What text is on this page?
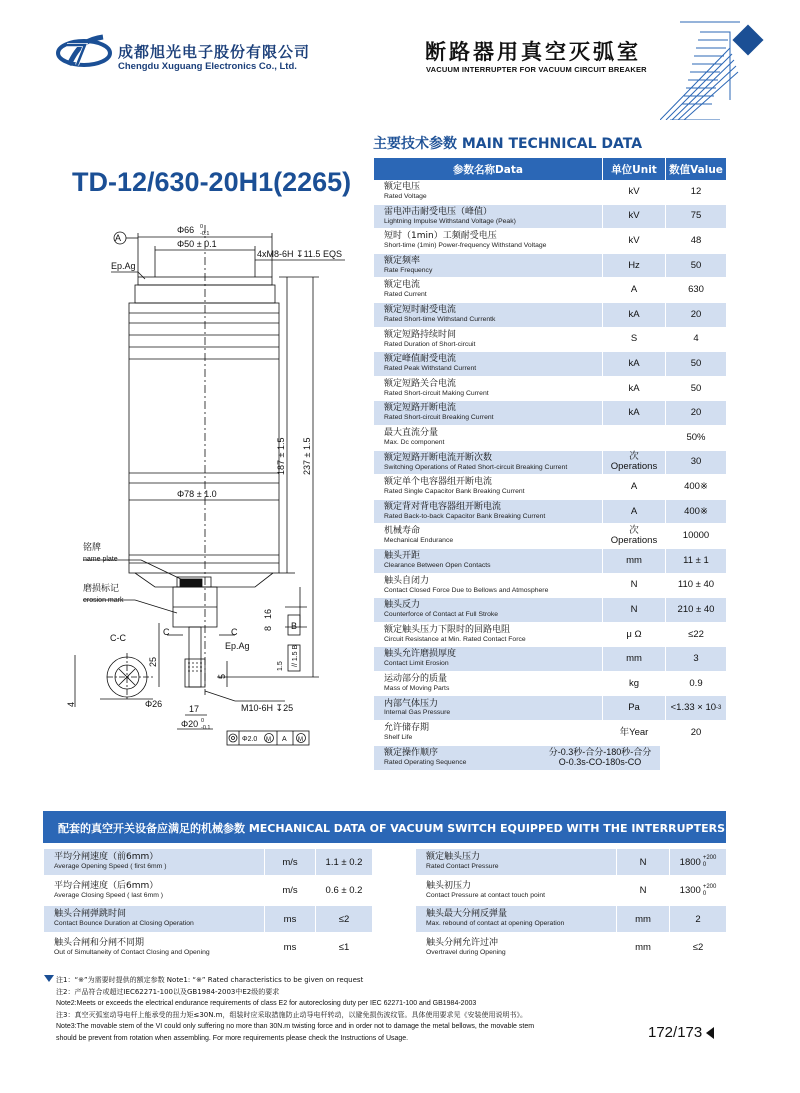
成都旭光电子股份有限公司
Chengdu Xuguang Electronics Co., Ltd.
断路器用真空灭弧室
VACUUM INTERRUPTER FOR VACUUM CIRCUIT BREAKER
TD-12/630-20H1(2265)
主要技术参数 MAIN TECHNICAL DATA
A
Φ66 0
-0.1
Φ50 ± 0.1
4xM8-6H ↧11.5 EQS
Ep.Ag
Φ78 ± 1.0
187 ± 1.5 237 ± 1.5
铭牌
name plate
磨损标记
erosion mark
C-C
C	C
Ep.Ag
25
4
5
16
8
1.5
B
// 1.5 B
Φ26	17
Φ20 0
-0.1
M10-6H ↧25
Φ2.0 M A M
参数名称Data	单位Unit	数值Value
额定电压
Rated Voltage	kV	12
雷电冲击耐受电压（峰值）
Lightning Impulse Withstand Voltage (Peak)	kV	75
短时（1min）工频耐受电压
Short-time (1min) Power-frequency Withstand Voltage	kV	48
额定频率
Rate Frequency	Hz	50
额定电流
Rated Current	A	630
额定短时耐受电流
Rated Short-time Withstand Currentk	kA	20
额定短路持续时间
Rated Duration of Short-circuit	S	4
额定峰值耐受电流
Rated Peak Withstand Current	kA	50
额定短路关合电流
Rated Short-circuit Making Current	kA	50
额定短路开断电流
Rated Short-circuit Breaking Current	kA	20
最大直流分量
Max. Dc component	50%
额定短路开断电流开断次数
Switching Operations of Rated Short-circuit Breaking Current
次
Operations	30
额定单个电容器组开断电流
Rated Single Capacitor Bank Breaking Current	A	400※
额定背对背电容器组开断电流
Rated Back-to-back Capacitor Bank Breaking Current	A	400※
机械寿命
Mechanical Endurance
次
Operations	10000
触头开距
Clearance Between Open Contacts	mm	11 ± 1
触头自闭力
Contact Closed Force Due to Bellows and Atmosphere	N	110 ± 40
触头反力
Counterforce of Contact at Full Stroke	N	210 ± 40
额定触头压力下限时的回路电阻
Circuit Resistance at Min. Rated Contact Force	μ Ω	≤22
触头允许磨损厚度
Contact Limit Erosion	mm	3
运动部分的质量
Mass of Moving Parts	kg	0.9
内部气体压力
Internal Gas Pressure	Pa	<1.33 × 10 -3
允许储存期
Shelf Life	年Year	20
额定操作顺序
Rated Operating Sequence
分-0.3秒-合分-180秒-合分
O-0.3s-CO-180s-CO
配套的真空开关设备应满足的机械参数 MECHANICAL DATA OF VACUUM SWITCH EQUIPPED WITH THE INTERRUPTERS
平均分闸速度（前6mm）
Average Opening Speed ( first 6mm )	m/s	1.1 ± 0.2
平均合闸速度（后6mm）
Average Closing Speed ( last 6mm )	m/s	0.6 ± 0.2
触头合闸弹跳时间
Contact Bounce Duration at Closing Operation	ms	≤2
触头合闸和分闸不同期
Out of Simultaneity of Contact Closing and Opening	ms	≤1
额定触头压力
Rated Contact Pressure	N	1800 +200
0
触头初压力
Contact Pressure at contact touch point	N	1300 +200
0
触头最大分闸反弹量
Max. rebound of contact at opening Operation	mm	2
触头分闸允许过冲
Overtravel during Opening	mm	≤2
注1：“※”为需要时提供的额定参数 Note1: “※” Rated characteristics to be given on request
注2：产品符合或超过IEC62271-100以及GB1984-2003中E2级的要求
Note2:Meets or exceeds the electrical endurance requirements of class E2 for autoreclosing duty per IEC 62271-100 and GB1984-2003
注3：真空灭弧室动导电杆上能承受的扭力矩≤30N.m，组装时应采取措施防止动导电杆转动，以避免损伤波纹管。具体使用要求见《安装使用说明书》。
Note3:The movable stem of the VI could only suffering no more than 30N.m twisting force and in order not to damage the metal bellows, the movable stem
should be prevent from rotation when assembling. For more requirements please check the Instructions of Usage.	172/173
